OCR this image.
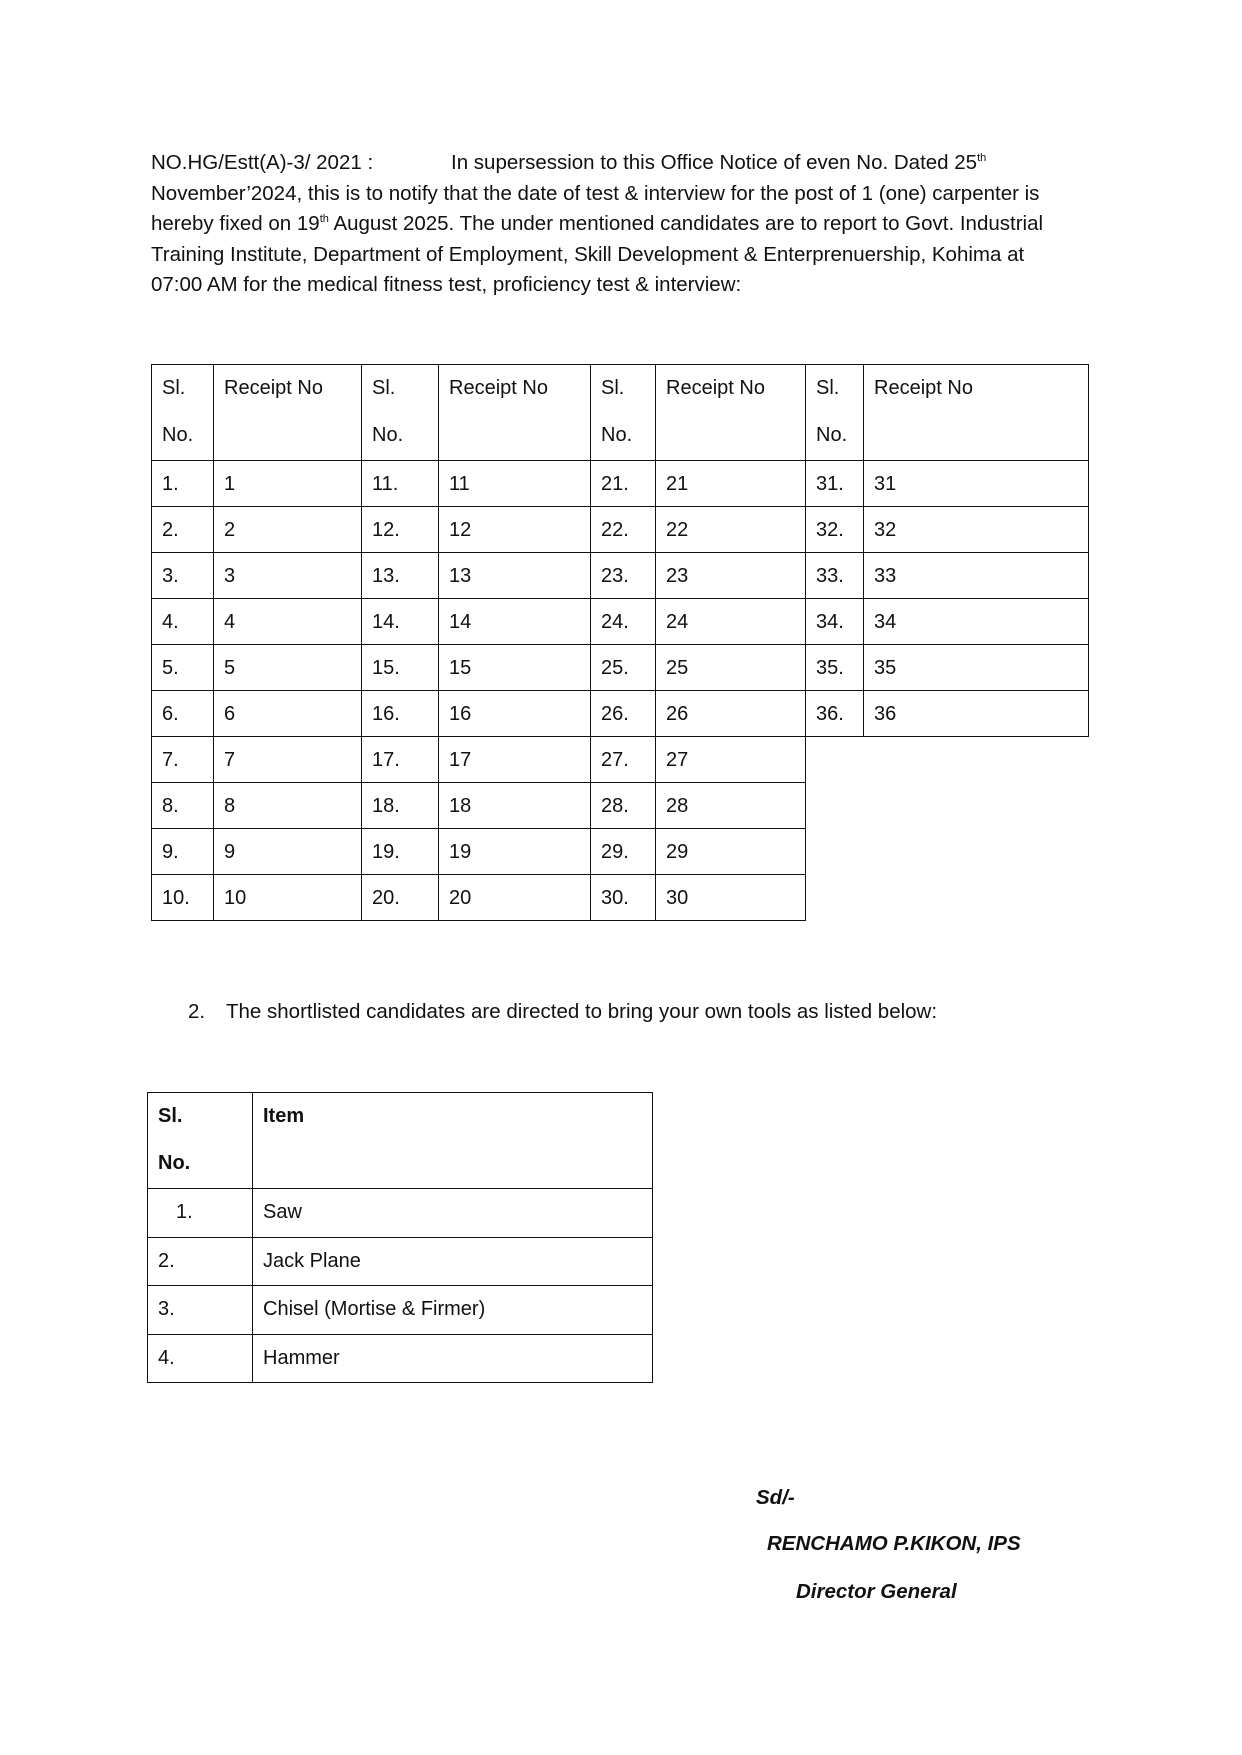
NO.HG/Estt(A)-3/ 2021 :	In supersession to this Office Notice of even No. Dated 25th
November’2024, this is to notify that the date of test & interview for the post of 1 (one) carpenter is
hereby fixed on 19th August 2025. The under mentioned candidates are to report to Govt. Industrial
Training Institute, Department of Employment, Skill Development & Enterprenuership, Kohima at
07:00 AM for the medical fitness test, proficiency test & interview:
Sl.
No.	Receipt No	Sl.
No.	Receipt No	Sl.
No.	Receipt No	Sl.
No.	Receipt No
1.	1	11.	11	21.	21	31.	31
2.	2	12.	12	22.	22	32.	32
3.	3	13.	13	23.	23	33.	33
4.	4	14.	14	24.	24	34.	34
5.	5	15.	15	25.	25	35.	35
6.	6	16.	16	26.	26	36.	36
7.	7	17.	17	27.	27		
8.	8	18.	18	28.	28		
9.	9	19.	19	29.	29		
10.	10	20.	20	30.	30		
2. The shortlisted candidates are directed to bring your own tools as listed below:
Sl.
No.	Item
1.	Saw
2.	Jack Plane
3.	Chisel (Mortise & Firmer)
4.	Hammer
Sd/-
RENCHAMO P.KIKON, IPS
Director General
